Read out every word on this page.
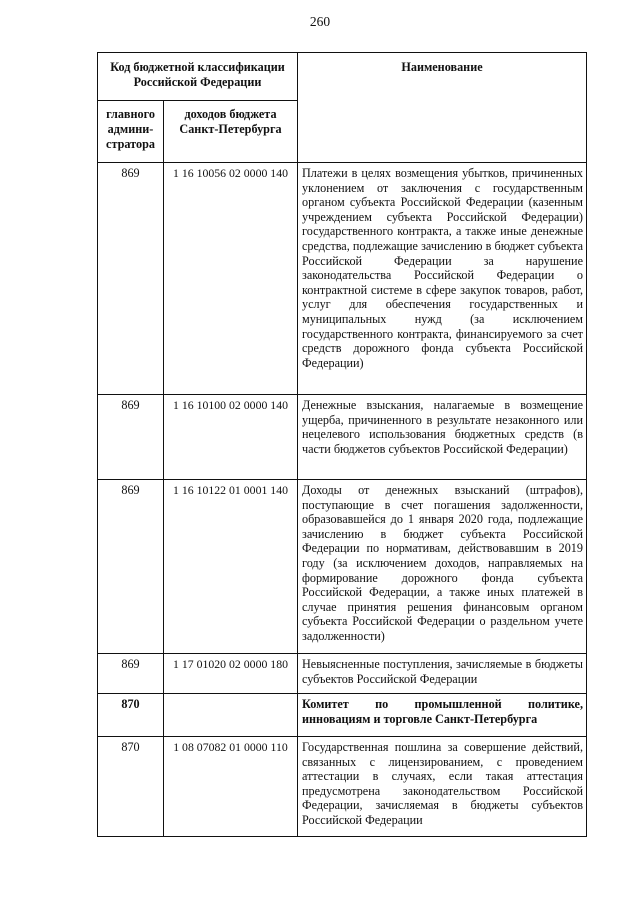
260
Код бюджетной классификации Российской Федерации		Наименование
главного админи-стратора	доходов бюджета Санкт-Петербурга	
869	1 16 10056 02 0000 140	Платежи в целях возмещения убытков, причиненных уклонением от заключения с государственным органом субъекта Российской Федерации (казенным учреждением субъекта Российской Федерации) государственного контракта, а также иные денежные средства, подлежащие зачислению в бюджет субъекта Российской Федерации за нарушение законодательства Российской Федерации о контрактной системе в сфере закупок товаров, работ, услуг для обеспечения государственных и муниципальных нужд (за исключением государственного контракта, финансируемого за счет средств дорожного фонда субъекта Российской Федерации)

869	1 16 10100 02 0000 140	Денежные взыскания, налагаемые в возмещение ущерба, причиненного в результате незаконного или нецелевого использования бюджетных средств (в части бюджетов субъектов Российской Федерации)

869	1 16 10122 01 0001 140	Доходы от денежных взысканий (штрафов), поступающие в счет погашения задолженности, образовавшейся до 1 января 2020 года, подлежащие зачислению в бюджет субъекта Российской Федерации по нормативам, действовавшим в 2019 году (за исключением доходов, направляемых на формирование дорожного фонда субъекта Российской Федерации, а также иных платежей в случае принятия решения финансовым органом субъекта Российской Федерации о раздельном учете задолженности)

869	1 17 01020 02 0000 180	Невыясненные поступления, зачисляемые в бюджеты субъектов Российской Федерации

870		Комитет по промышленной политике, инновациям и торговле Санкт-Петербурга

870	1 08 07082 01 0000 110	Государственная пошлина за совершение действий, связанных с лицензированием, с проведением аттестации в случаях, если такая аттестация предусмотрена законодательством Российской Федерации, зачисляемая в бюджеты субъектов Российской Федерации
